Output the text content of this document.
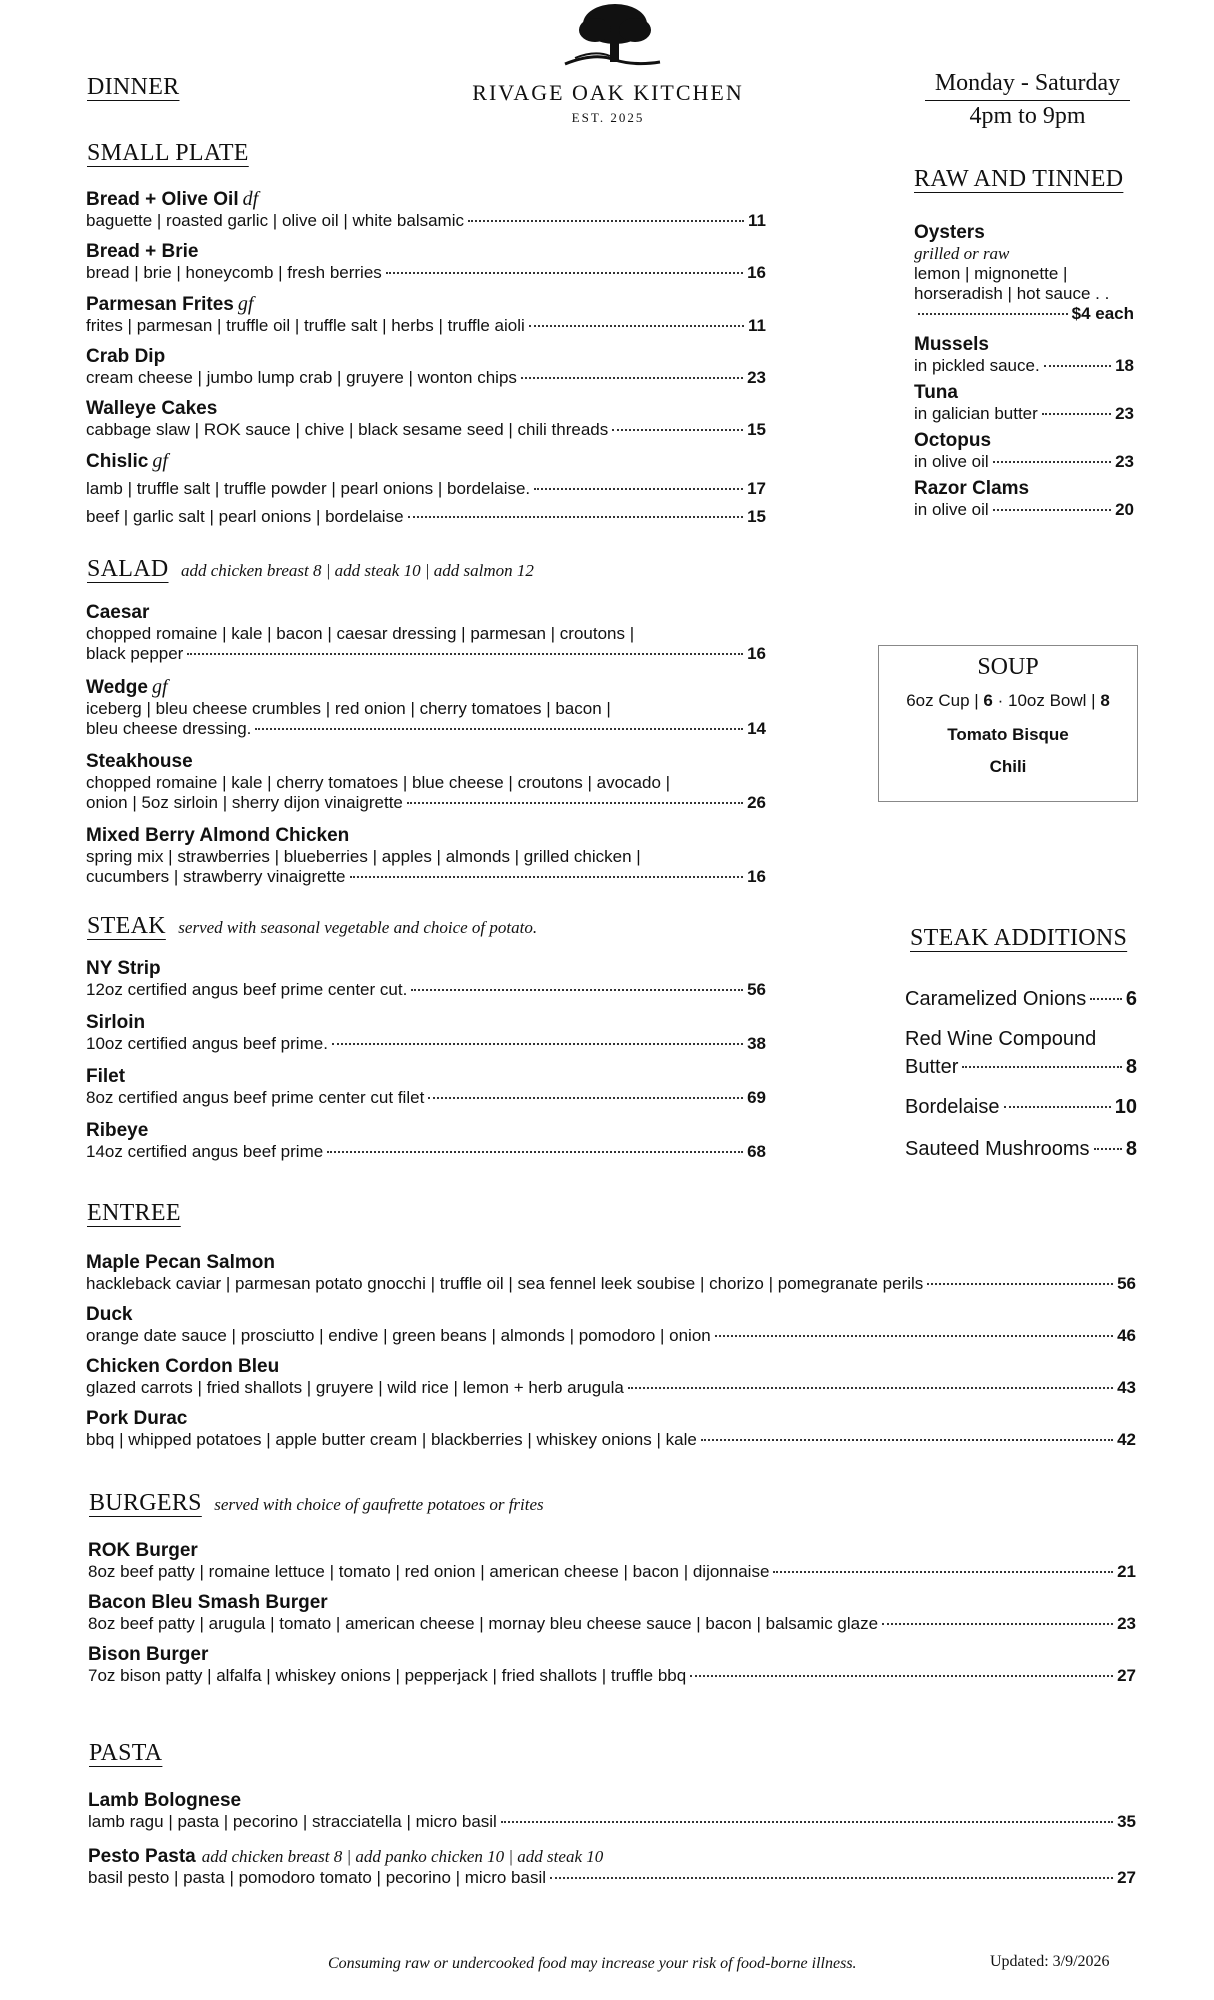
RIVAGE OAK KITCHEN
EST. 2025
DINNER	Monday - Saturday
4pm to 9pm
SMALL PLATE
Bread + Olive Oil df
baguette | roasted garlic | olive oil | white balsamic	11
Bread + Brie
bread | brie | honeycomb | fresh berries	16
Parmesan Frites gf
frites | parmesan | truffle oil | truffle salt | herbs | truffle aioli	11
Crab Dip
cream cheese | jumbo lump crab | gruyere | wonton chips	23
Walleye Cakes
cabbage slaw | ROK sauce | chive | black sesame seed | chili threads	15
Chislic gf
lamb | truffle salt | truffle powder | pearl onions | bordelaise.	17
beef | garlic salt | pearl onions | bordelaise	15
RAW AND TINNED
Oysters
grilled or raw
lemon | mignonette |
horseradish | hot sauce . .
$4 each
Mussels
in pickled sauce.	18
Tuna
in galician butter	23
Octopus
in olive oil	23
Razor Clams
in olive oil	20
SALAD add chicken breast 8 | add steak 10 | add salmon 12
Caesar
chopped romaine | kale | bacon | caesar dressing | parmesan | croutons |
black pepper	16
Wedge gf
iceberg | bleu cheese crumbles | red onion | cherry tomatoes | bacon |
bleu cheese dressing.	14
Steakhouse
chopped romaine | kale | cherry tomatoes | blue cheese | croutons | avocado |
onion | 5oz sirloin | sherry dijon vinaigrette	26
Mixed Berry Almond Chicken
spring mix | strawberries | blueberries | apples | almonds | grilled chicken |
cucumbers | strawberry vinaigrette	16
SOUP
6oz Cup | 6 · 10oz Bowl | 8
Tomato Bisque
Chili
STEAK served with seasonal vegetable and choice of potato.
NY Strip
12oz certified angus beef prime center cut.	56
Sirloin
10oz certified angus beef prime.	38
Filet
8oz certified angus beef prime center cut filet	69
Ribeye
14oz certified angus beef prime	68
STEAK ADDITIONS
Caramelized Onions 6
Red Wine Compound
Butter	8
Bordelaise	10
Sauteed Mushrooms 8
ENTREE
Maple Pecan Salmon
hackleback caviar | parmesan potato gnocchi | truffle oil | sea fennel leek soubise | chorizo | pomegranate perils	56
Duck
orange date sauce | prosciutto | endive | green beans | almonds | pomodoro | onion	46
Chicken Cordon Bleu
glazed carrots | fried shallots | gruyere | wild rice | lemon + herb arugula	43
Pork Durac
bbq | whipped potatoes | apple butter cream | blackberries | whiskey onions | kale	42
BURGERS served with choice of gaufrette potatoes or frites
ROK Burger
8oz beef patty | romaine lettuce | tomato | red onion | american cheese | bacon | dijonnaise	21
Bacon Bleu Smash Burger
8oz beef patty | arugula | tomato | american cheese | mornay bleu cheese sauce | bacon | balsamic glaze	23
Bison Burger
7oz bison patty | alfalfa | whiskey onions | pepperjack | fried shallots | truffle bbq	27
PASTA
Lamb Bolognese
lamb ragu | pasta | pecorino | stracciatella | micro basil	35
Pesto Pasta add chicken breast 8 | add panko chicken 10 | add steak 10
basil pesto | pasta | pomodoro tomato | pecorino | micro basil	27
Consuming raw or undercooked food may increase your risk of food-borne illness.	Updated: 3/9/2026
